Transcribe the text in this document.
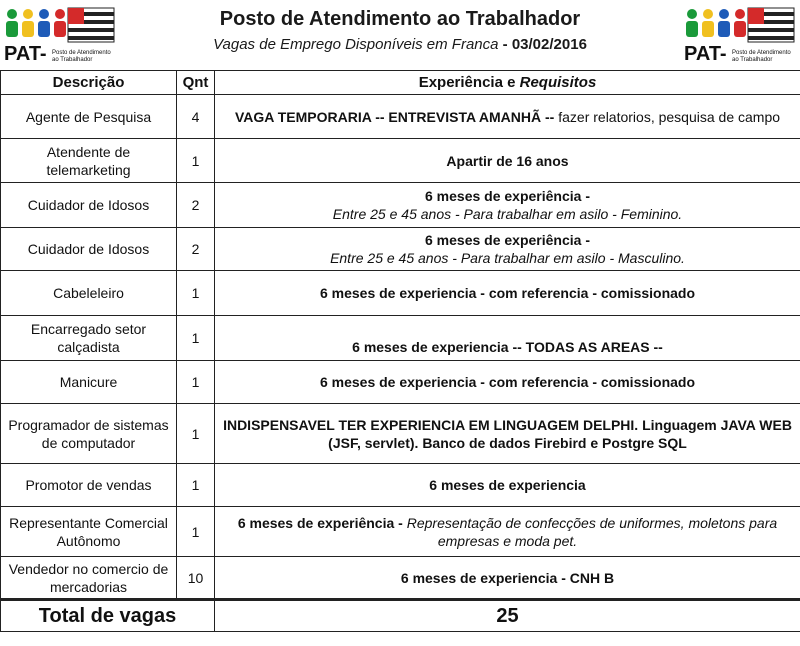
PAT- Posto de Atendimento
ao Trabalhador
Posto de Atendimento ao Trabalhador
Vagas de Emprego Disponíveis em Franca - 03/02/2016	PAT- Posto de Atendimento
ao Trabalhador
Descrição	Qnt	Experiência e Requisitos
Agente de Pesquisa	4	VAGA TEMPORARIA -- ENTREVISTA AMANHÃ -- fazer relatorios, pesquisa de campo
Atendente de telemarketing	1	Apartir de 16 anos
Cuidador de Idosos	2	6 meses de experiência -
Entre 25 e 45 anos - Para trabalhar em asilo - Feminino.

Cuidador de Idosos	2	6 meses de experiência -
Entre 25 e 45 anos - Para trabalhar em asilo - Masculino.

Cabeleleiro	1	6 meses de experiencia - com referencia - comissionado
Encarregado setor calçadista	1	6 meses de experiencia -- TODAS AS AREAS --
Manicure	1	6 meses de experiencia - com referencia - comissionado
Programador de sistemas de computador	1	INDISPENSAVEL TER EXPERIENCIA EM LINGUAGEM DELPHI. Linguagem JAVA WEB (JSF, servlet). Banco de dados Firebird e Postgre SQL
Promotor de vendas	1	6 meses de experiencia
Representante Comercial Autônomo	1	6 meses de experiência - Representação de confecções de uniformes, moletons para empresas e moda pet.
Vendedor no comercio de mercadorias	10	6 meses de experiencia - CNH B
Total de vagas		25
